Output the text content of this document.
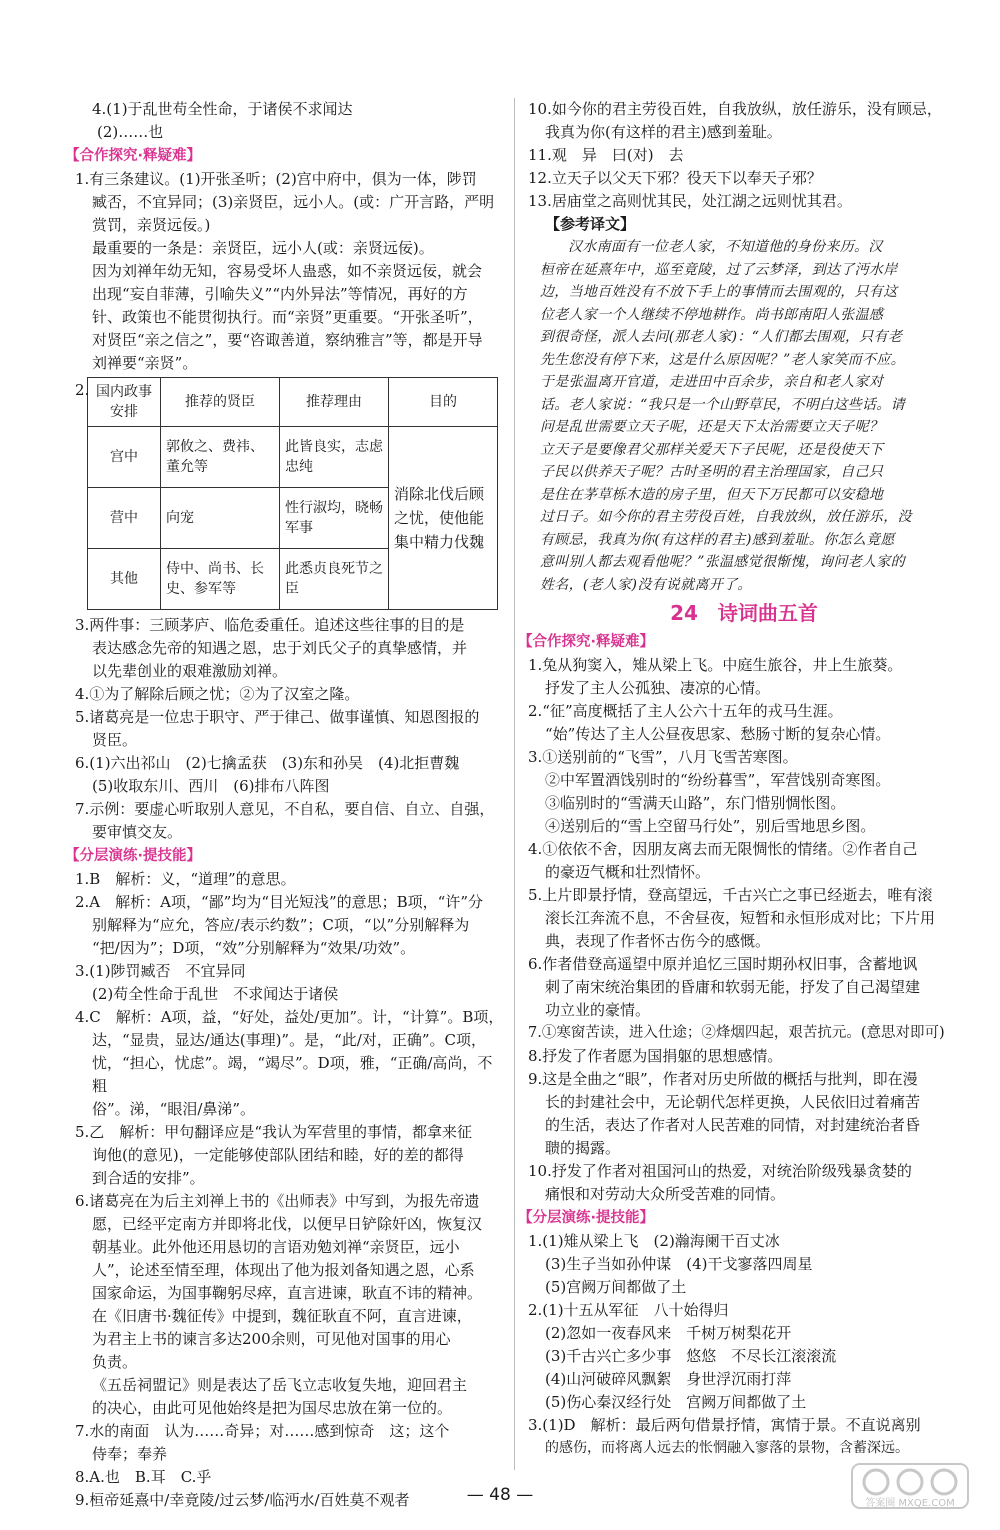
4.(1)于乱世苟全性命，于诸侯不求闻达

(2)……也

【合作探究·释疑难】

1.有三条建议。(1)开张圣听；(2)宫中府中，俱为一体，陟罚

臧否，不宜异同；(3)亲贤臣，远小人。(或：广开言路，严明

赏罚，亲贤远佞。)

最重要的一条是：亲贤臣，远小人(或：亲贤远佞)。

因为刘禅年幼无知，容易受坏人蛊惑，如不亲贤远佞，就会

出现“妄自菲薄，引喻失义”“内外异法”等情况，再好的方

针、政策也不能贯彻执行。而“亲贤”更重要。“开张圣听”，

对贤臣“亲之信之”，要“咨诹善道，察纳雅言”等，都是开导

刘禅要“亲贤”。

2. 国内政事安排	推荐的贤臣	推荐理由	目的
宫中	郭攸之、费祎、董允等	此皆良实，志虑忠纯	消除北伐后顾之忧，使他能集中精力伐魏
营中	向宠	性行淑均，晓畅军事	
其他	侍中、尚书、长史、参军等	此悉贞良死节之臣	

3.两件事：三顾茅庐、临危委重任。追述这些往事的目的是

表达感念先帝的知遇之恩，忠于刘氏父子的真挚感情，并

以先辈创业的艰难激励刘禅。

4.①为了解除后顾之忧；②为了汉室之隆。

5.诸葛亮是一位忠于职守、严于律己、做事谨慎、知恩图报的

贤臣。

6.(1)六出祁山　(2)七擒孟获　(3)东和孙吴　(4)北拒曹魏

(5)收取东川、西川　(6)排布八阵图

7.示例：要虚心听取别人意见，不自私，要自信、自立、自强，

要审慎交友。

【分层演练·提技能】

1.B　解析：义，“道理”的意思。

2.A　解析：A项，“鄙”均为“目光短浅”的意思；B项，“许”分

别解释为“应允，答应/表示约数”；C项，“以”分别解释为

“把/因为”；D项，“效”分别解释为“效果/功效”。

3.(1)陟罚臧否　不宜异同

(2)苟全性命于乱世　不求闻达于诸侯

4.C　解析：A项，益，“好处，益处/更加”。计，“计算”。B项，

达，“显贵，显达/通达(事理)”。是，“此/对，正确”。C项，

忧，“担心，忧虑”。竭，“竭尽”。D项，雅，“正确/高尚，不粗

俗”。涕，“眼泪/鼻涕”。

5.乙　解析：甲句翻译应是“我认为军营里的事情，都拿来征

询他(的意见)，一定能够使部队团结和睦，好的差的都得

到合适的安排”。

6.诸葛亮在为后主刘禅上书的《出师表》中写到，为报先帝遗

愿，已经平定南方并即将北伐，以便早日铲除奸凶，恢复汉

朝基业。此外他还用恳切的言语劝勉刘禅“亲贤臣，远小

人”，论述至情至理，体现出了他为报刘备知遇之恩，心系

国家命运，为国事鞠躬尽瘁，直言进谏，耿直不讳的精神。

在《旧唐书·魏征传》中提到，魏征耿直不阿，直言进谏，

为君主上书的谏言多达200余则，可见他对国事的用心

负责。

《五岳祠盟记》则是表达了岳飞立志收复失地，迎回君主

的决心，由此可见他始终是把为国尽忠放在第一位的。

7.水的南面　认为……奇异；对……感到惊奇　这；这个

侍奉；奉养

8.A.也　B.耳　C.乎

9.桓帝延熹中/幸竟陵/过云梦/临沔水/百姓莫不观者

10.如今你的君主劳役百姓，自我放纵，放任游乐，没有顾忌，

我真为你(有这样的君主)感到羞耻。

11.观　异　曰(对)　去

12.立天子以父天下邪？役天下以奉天子邪？

13.居庙堂之高则忧其民，处江湖之远则忧其君。

【参考译文】

汉水南面有一位老人家，不知道他的身份来历。汉

桓帝在延熹年中，巡至竟陵，过了云梦泽，到达了沔水岸

边，当地百姓没有不放下手上的事情而去围观的，只有这

位老人家一个人继续不停地耕作。尚书郎南阳人张温感

到很奇怪，派人去问(那老人家)：“人们都去围观，只有老

先生您没有停下来，这是什么原因呢？”老人家笑而不应。

于是张温离开官道，走进田中百余步，亲自和老人家对

话。老人家说：“我只是一个山野草民，不明白这些话。请

问是乱世需要立天子呢，还是天下太治需要立天子呢？

立天子是要像君父那样关爱天下子民呢，还是役使天下

子民以供养天子呢？古时圣明的君主治理国家，自己只

是住在茅草栎木造的房子里，但天下万民都可以安稳地

过日子。如今你的君主劳役百姓，自我放纵，放任游乐，没

有顾忌，我真为你(有这样的君主)感到羞耻。你怎么竟愿

意叫别人都去观看他呢？”张温感觉很惭愧，询问老人家的

姓名，(老人家)没有说就离开了。

24　诗词曲五首
【合作探究·释疑难】

1.兔从狗窦入，雉从梁上飞。中庭生旅谷，井上生旅葵。

抒发了主人公孤独、凄凉的心情。

2.“征”高度概括了主人公六十五年的戎马生涯。

“始”传达了主人公昼夜思家、愁肠寸断的复杂心情。

3.①送别前的“飞雪”，八月飞雪苦寒图。

②中军置酒饯别时的“纷纷暮雪”，军营饯别奇寒图。

③临别时的“雪满天山路”，东门惜别惆怅图。

④送别后的“雪上空留马行处”，别后雪地思乡图。

4.①依依不舍，因朋友离去而无限惆怅的情绪。②作者自己

的豪迈气概和壮烈情怀。

5.上片即景抒情，登高望远，千古兴亡之事已经逝去，唯有滚

滚长江奔流不息，不舍昼夜，短暂和永恒形成对比；下片用

典，表现了作者怀古伤今的感慨。

6.作者借登高遥望中原并追忆三国时期孙权旧事，含蓄地讽

刺了南宋统治集团的昏庸和软弱无能，抒发了自己渴望建

功立业的豪情。

7.①寒窗苦读，进入仕途；②烽烟四起，艰苦抗元。(意思对即可)

8.抒发了作者愿为国捐躯的思想感情。

9.这是全曲之“眼”，作者对历史所做的概括与批判，即在漫

长的封建社会中，无论朝代怎样更换，人民依旧过着痛苦

的生活，表达了作者对人民苦难的同情，对封建统治者昏

聩的揭露。

10.抒发了作者对祖国河山的热爱，对统治阶级残暴贪婪的

痛恨和对劳动大众所受苦难的同情。

【分层演练·提技能】

1.(1)雉从梁上飞　(2)瀚海阑干百丈冰

(3)生子当如孙仲谋　(4)干戈寥落四周星

(5)宫阙万间都做了土

2.(1)十五从军征　八十始得归

(2)忽如一夜春风来　千树万树梨花开

(3)千古兴亡多少事　悠悠　不尽长江滚滚流

(4)山河破碎风飘絮　身世浮沉雨打萍

(5)伤心秦汉经行处　宫阙万间都做了土

3.(1)D　解析：最后两句借景抒情，寓情于景。不直说离别

的感伤，而将离人远去的怅惘融入寥落的景物，含蓄深远。

— 48 —	答案圈 MXQE.COM
